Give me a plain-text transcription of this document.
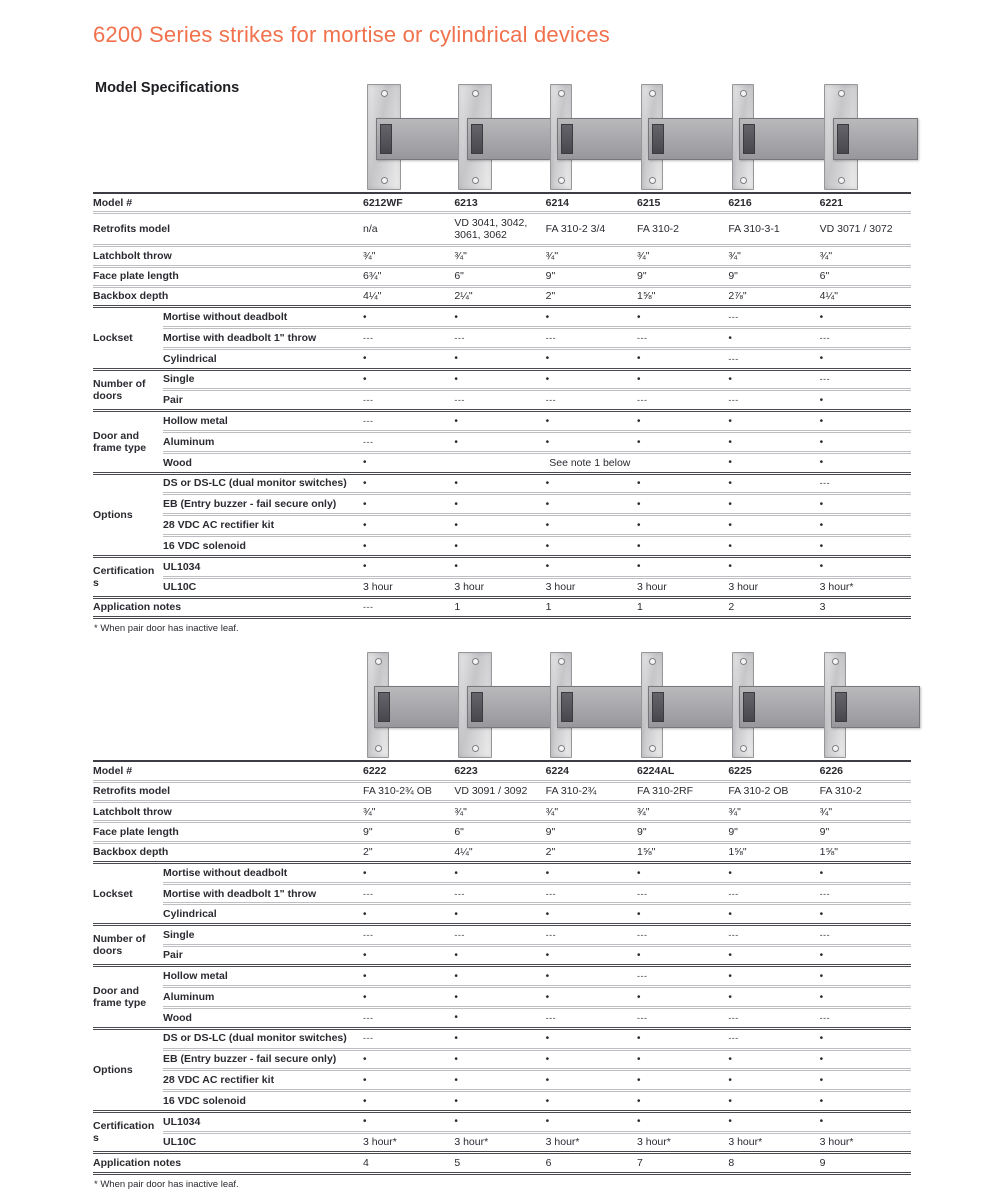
6200 Series strikes for mortise or cylindrical devices
Model Specifications
Model #		6212WF	6213	6214	6215	6216	6221
Retrofits model		n/a	VD 3041, 3042, 3061, 3062	FA 310-2 3/4	FA 310-2	FA 310-3-1	VD 3071 / 3072
Latchbolt throw		¾"	¾"	¾"	¾"	¾"	¾"
Face plate length		6¾"	6"	9"	9"	9"	6"
Backbox depth		4¼"	2¼"	2"	1⅝"	2⅞"	4¼"
Lockset	Mortise without deadbolt	•	•	•	•	---	•
	Mortise with deadbolt 1" throw	---	---	---	---	•	---
	Cylindrical	•	•	•	•	---	•
Number of doors	Single	•	•	•	•	•	---
	Pair	---	---	---	---	---	•
Door and frame type	Hollow metal	---	•	•	•	•	•
	Aluminum	---	•	•	•	•	•
	Wood	•	See note 1 below			•	•
Options	DS or DS-LC (dual monitor switches)	•	•	•	•	•	---
	EB (Entry buzzer - fail secure only)	•	•	•	•	•	•
	28 VDC AC rectifier kit	•	•	•	•	•	•
	16 VDC solenoid	•	•	•	•	•	•
Certifications	UL1034	•	•	•	•	•	•
	UL10C	3 hour	3 hour	3 hour	3 hour	3 hour	3 hour*
Application notes		---	1	1	1	2	3
* When pair door has inactive leaf.
Model #		6222	6223	6224	6224AL	6225	6226
Retrofits model		FA 310-2¾ OB	VD 3091 / 3092	FA 310-2¾	FA 310-2RF	FA 310-2 OB	FA 310-2
Latchbolt throw		¾"	¾"	¾"	¾"	¾"	¾"
Face plate length		9"	6"	9"	9"	9"	9"
Backbox depth		2"	4¼"	2"	1⅝"	1⅝"	1⅝"
Lockset	Mortise without deadbolt	•	•	•	•	•	•
	Mortise with deadbolt 1" throw	---	---	---	---	---	---
	Cylindrical	•	•	•	•	•	•
Number of doors	Single	---	---	---	---	---	---
	Pair	•	•	•	•	•	•
Door and frame type	Hollow metal	•	•	•	---	•	•
	Aluminum	•	•	•	•	•	•
	Wood	---	•	---	---	---	---
Options	DS or DS-LC (dual monitor switches)	---	•	•	•	---	•
	EB (Entry buzzer - fail secure only)	•	•	•	•	•	•
	28 VDC AC rectifier kit	•	•	•	•	•	•
	16 VDC solenoid	•	•	•	•	•	•
Certifications	UL1034	•	•	•	•	•	•
	UL10C	3 hour*	3 hour*	3 hour*	3 hour*	3 hour*	3 hour*
Application notes		4	5	6	7	8	9
* When pair door has inactive leaf.
